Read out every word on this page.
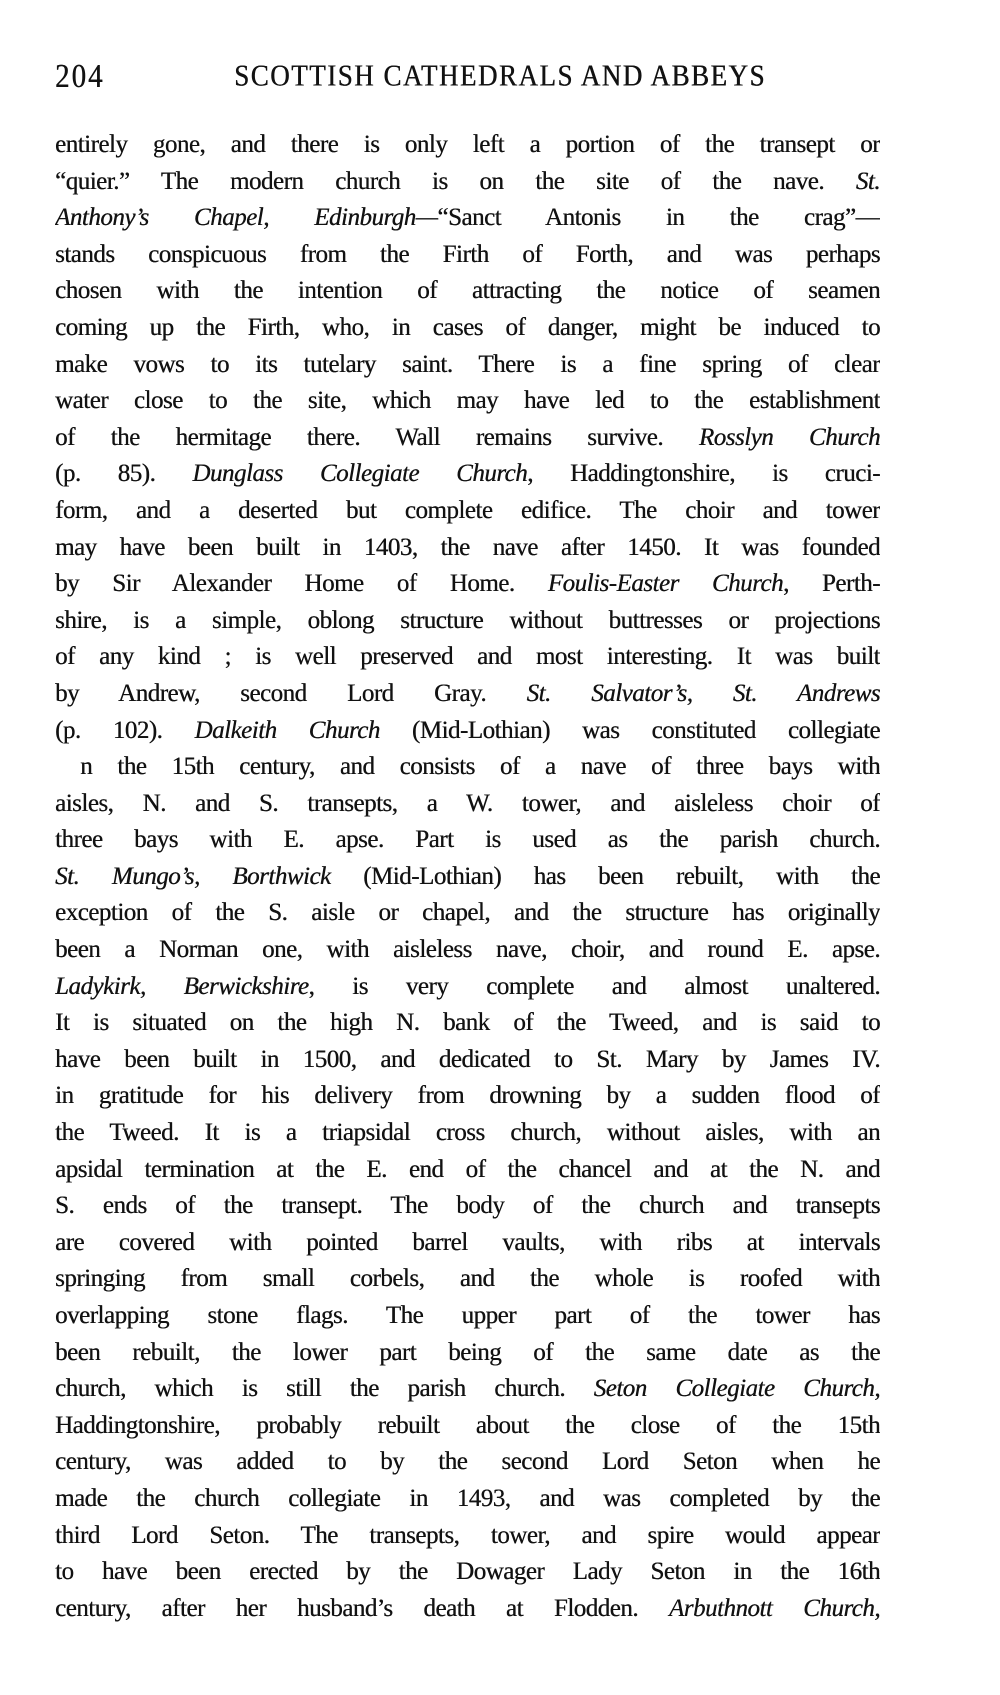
204	SCOTTISH CATHEDRALS AND ABBEYS
entirely gone, and there is only left a portion of the transept or
“quier.” The modern church is on the site of the nave. St.
Anthony’s Chapel, Edinburgh—“Sanct Antonis in the crag”—
stands conspicuous from the Firth of Forth, and was perhaps
chosen with the intention of attracting the notice of seamen
coming up the Firth, who, in cases of danger, might be induced to
make vows to its tutelary saint. There is a fine spring of clear
water close to the site, which may have led to the establishment
of the hermitage there. Wall remains survive. Rosslyn Church
(p. 85). Dunglass Collegiate Church, Haddingtonshire, is cruci-
form, and a deserted but complete edifice. The choir and tower
may have been built in 1403, the nave after 1450. It was founded
by Sir Alexander Home of Home. Foulis-Easter Church, Perth-
shire, is a simple, oblong structure without buttresses or projections
of any kind ; is well preserved and most interesting. It was built
by Andrew, second Lord Gray. St. Salvator’s, St. Andrews
(p. 102). Dalkeith Church (Mid-Lothian) was constituted collegiate
n the 15th century, and consists of a nave of three bays with
aisles, N. and S. transepts, a W. tower, and aisleless choir of
three bays with E. apse. Part is used as the parish church.
St. Mungo’s, Borthwick (Mid-Lothian) has been rebuilt, with the
exception of the S. aisle or chapel, and the structure has originally
been a Norman one, with aisleless nave, choir, and round E. apse.
Ladykirk, Berwickshire, is very complete and almost unaltered.
It is situated on the high N. bank of the Tweed, and is said to
have been built in 1500, and dedicated to St. Mary by James IV.
in gratitude for his delivery from drowning by a sudden flood of
the Tweed. It is a triapsidal cross church, without aisles, with an
apsidal termination at the E. end of the chancel and at the N. and
S. ends of the transept. The body of the church and transepts
are covered with pointed barrel vaults, with ribs at intervals
springing from small corbels, and the whole is roofed with
overlapping stone flags. The upper part of the tower has
been rebuilt, the lower part being of the same date as the
church, which is still the parish church. Seton Collegiate Church,
Haddingtonshire, probably rebuilt about the close of the 15th
century, was added to by the second Lord Seton when he
made the church collegiate in 1493, and was completed by the
third Lord Seton. The transepts, tower, and spire would appear
to have been erected by the Dowager Lady Seton in the 16th
century, after her husband’s death at Flodden. Arbuthnott Church,
